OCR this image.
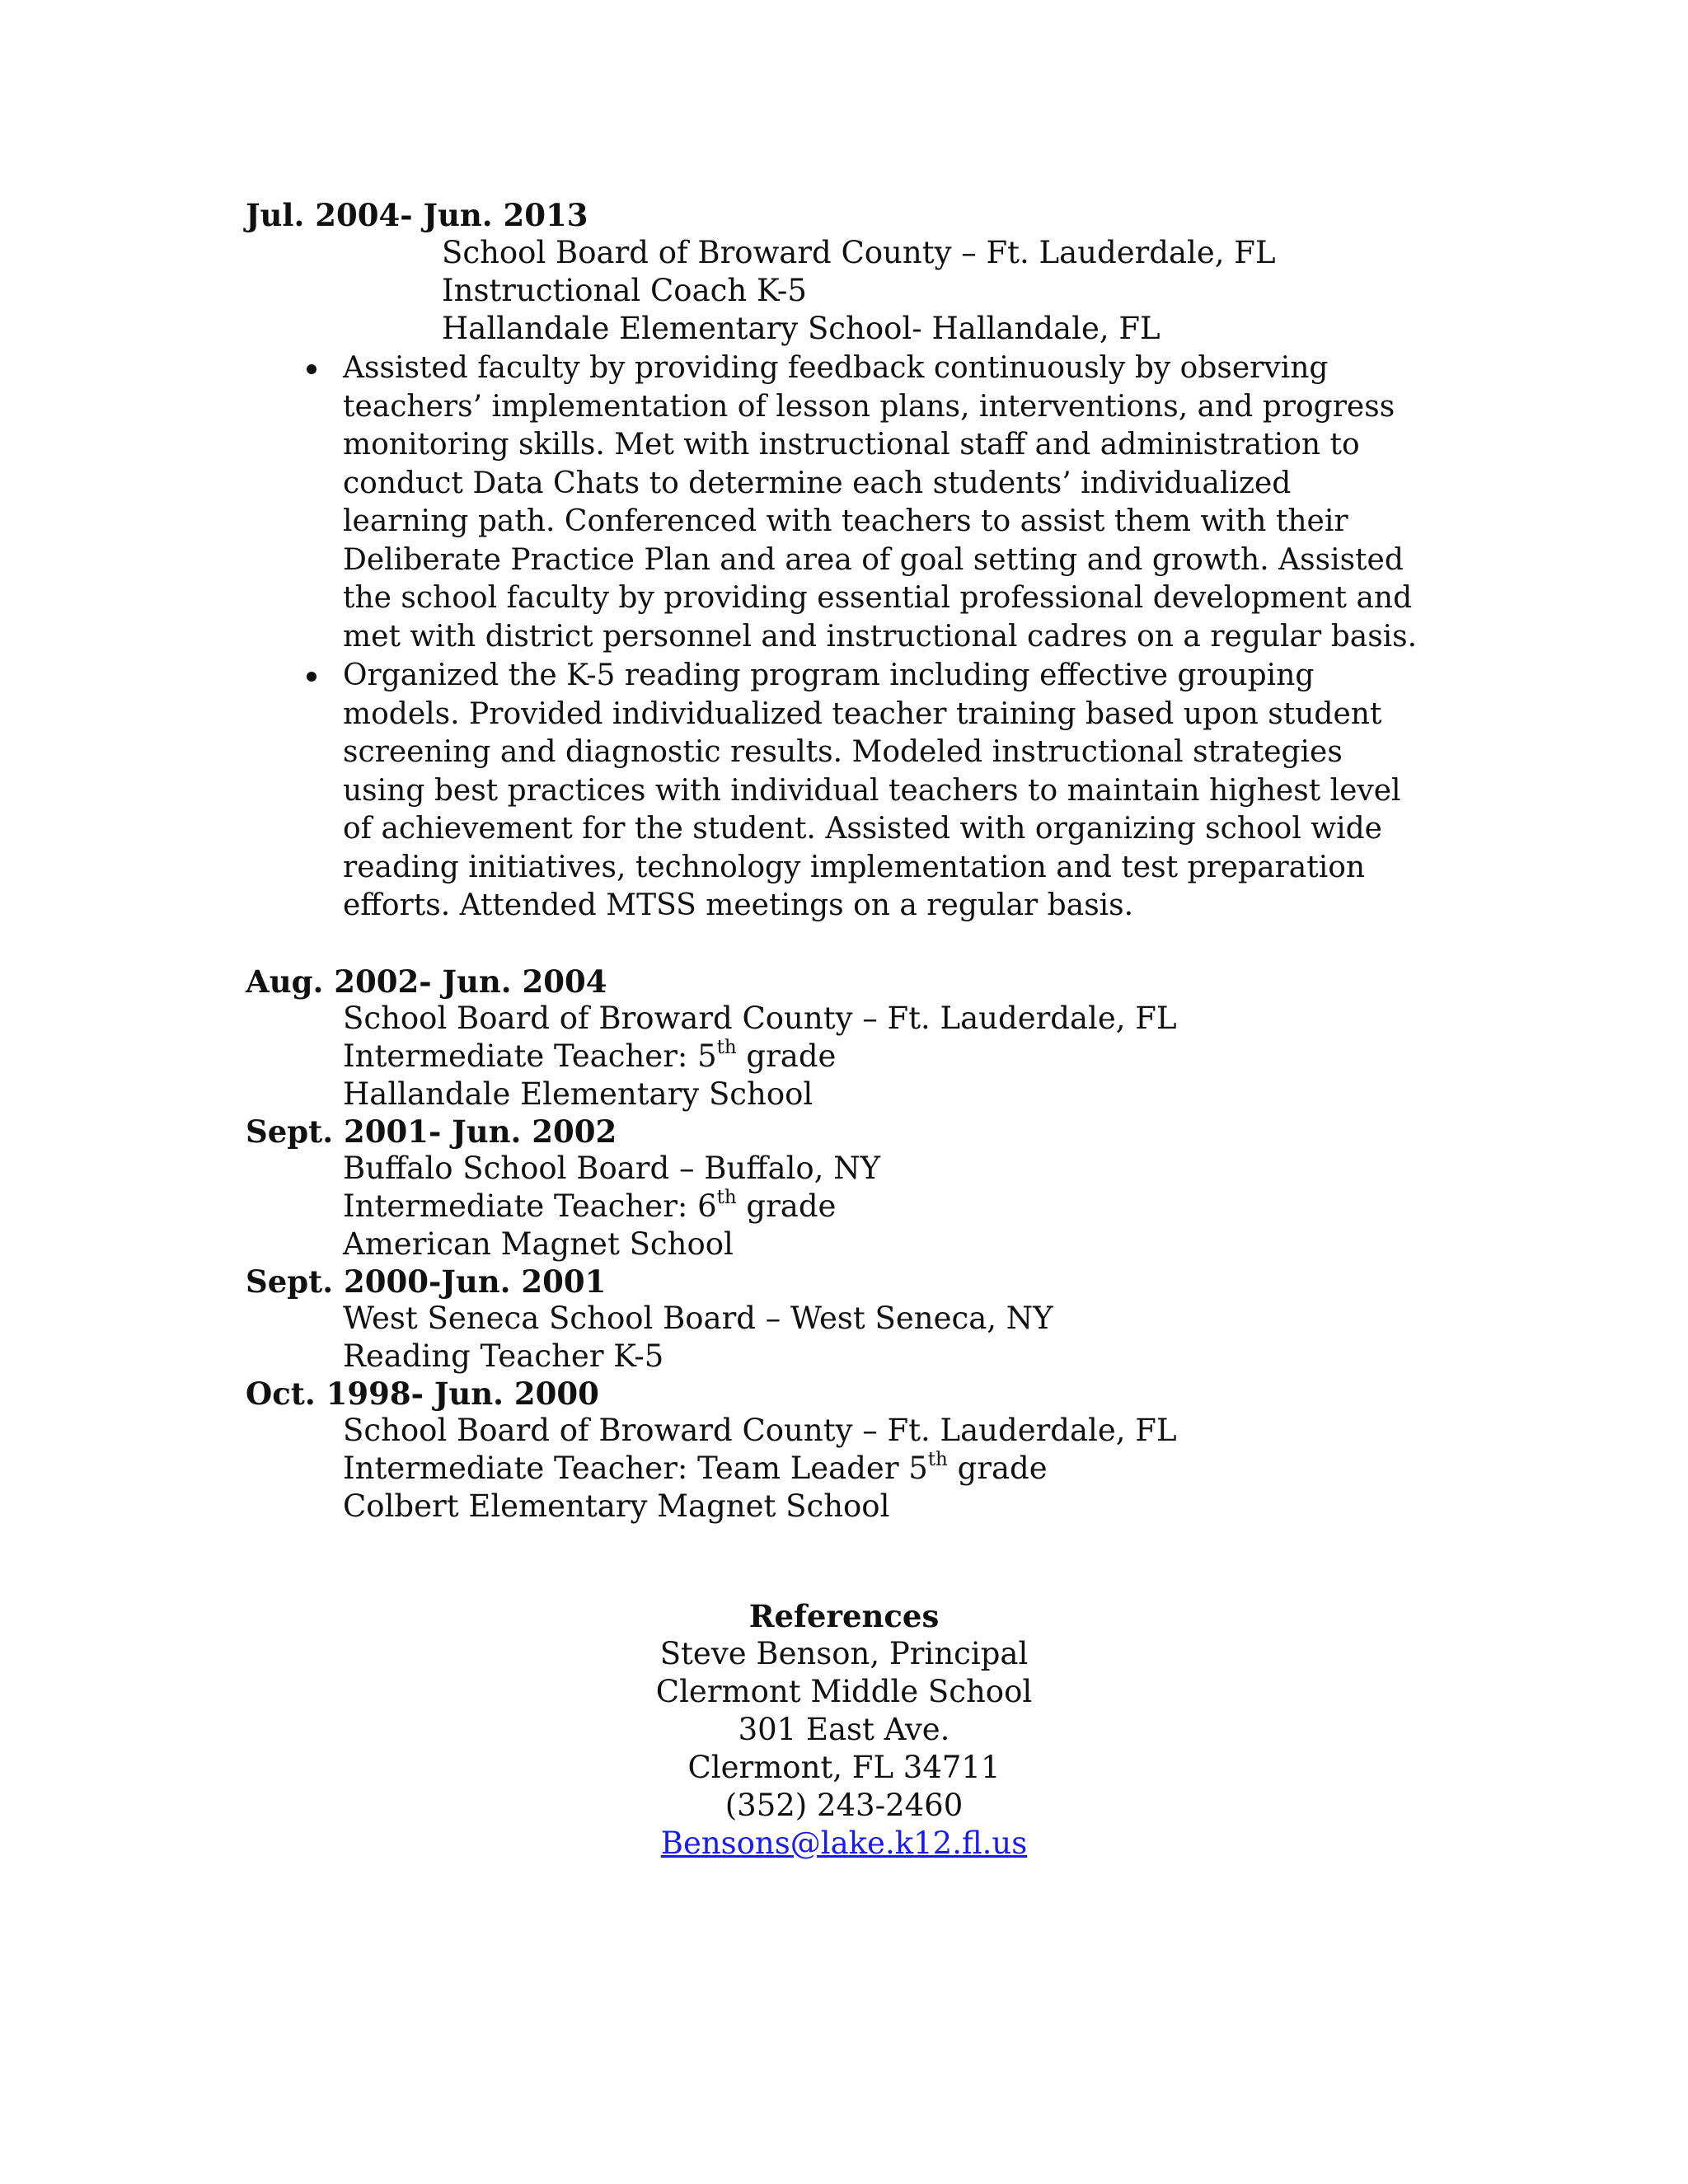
Jul. 2004- Jun. 2013
School Board of Broward County – Ft. Lauderdale, FL
Instructional Coach K-5
Hallandale Elementary School- Hallandale, FL
Assisted faculty by providing feedback continuously by observing teachers’ implementation of lesson plans, interventions, and progress monitoring skills. Met with instructional staff and administration to conduct Data Chats to determine each students’ individualized learning path. Conferenced with teachers to assist them with their Deliberate Practice Plan and area of goal setting and growth. Assisted the school faculty by providing essential professional development and met with district personnel and instructional cadres on a regular basis.
Organized the K-5 reading program including effective grouping models. Provided individualized teacher training based upon student screening and diagnostic results. Modeled instructional strategies using best practices with individual teachers to maintain highest level of achievement for the student. Assisted with organizing school wide reading initiatives, technology implementation and test preparation efforts. Attended MTSS meetings on a regular basis.
Aug. 2002- Jun. 2004
School Board of Broward County – Ft. Lauderdale, FL
Intermediate Teacher: 5th grade
Hallandale Elementary School
Sept. 2001- Jun. 2002
Buffalo School Board – Buffalo, NY
Intermediate Teacher: 6th grade
American Magnet School
Sept. 2000-Jun. 2001
West Seneca School Board – West Seneca, NY
Reading Teacher K-5
Oct. 1998- Jun. 2000
School Board of Broward County – Ft. Lauderdale, FL
Intermediate Teacher: Team Leader 5th grade
Colbert Elementary Magnet School
References
Steve Benson, Principal
Clermont Middle School
301 East Ave.
Clermont, FL 34711
(352) 243-2460
Bensons@lake.k12.fl.us
